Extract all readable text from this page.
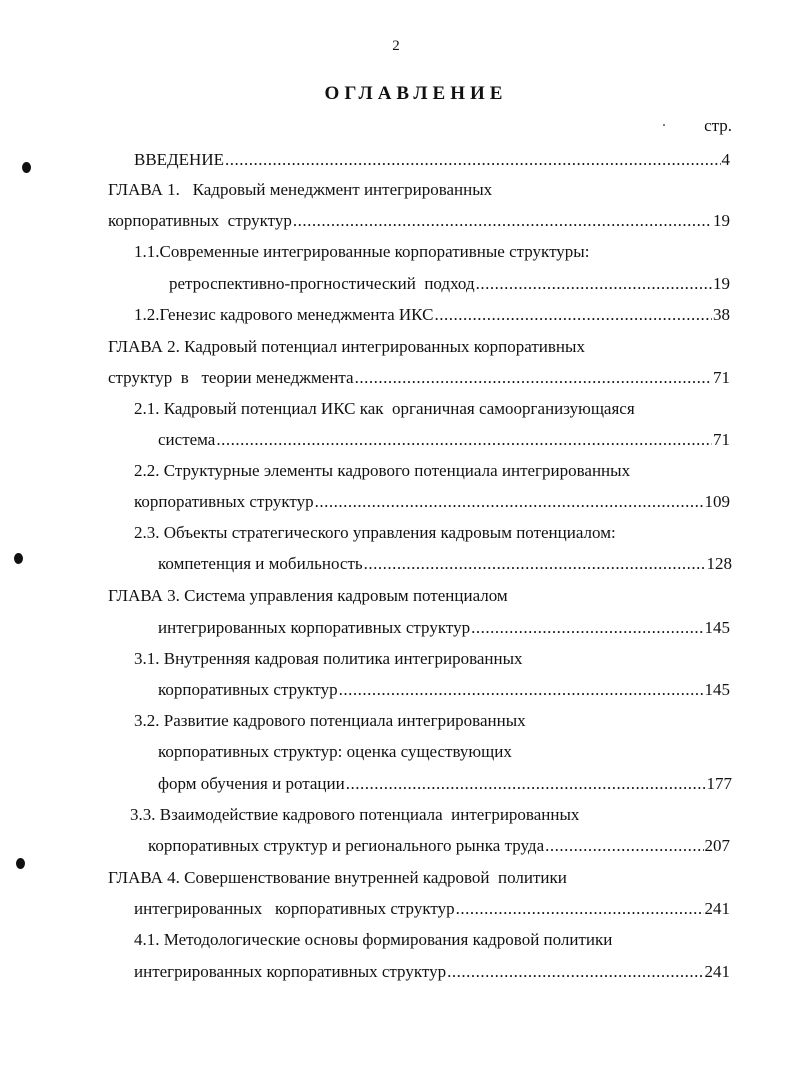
2
ОГЛАВЛЕНИЕ
стр.
ВВЕДЕНИЕ .....	4
ГЛАВА 1.   Кадровый менеджмент интегрированных
корпоративных  структур .....	19
1.1.Современные интегрированные корпоративные структуры:
ретроспективно-прогностический  подход .....	19
1.2.Генезис кадрового менеджмента ИКС .....	38
ГЛАВА 2. Кадровый потенциал интегрированных корпоративных
структур  в   теории менеджмента .....	71
2.1. Кадровый потенциал ИКС как  органичная самоорганизующаяся
система .....	71
2.2. Структурные элементы кадрового потенциала интегрированных
корпоративных структур .....	109
2.3. Объекты стратегического управления кадровым потенциалом:
компетенция и мобильность .....	128
ГЛАВА 3. Система управления кадровым потенциалом
интегрированных корпоративных структур .....	145
3.1. Внутренняя кадровая политика интегрированных
корпоративных структур .....	145
3.2. Развитие кадрового потенциала интегрированных
корпоративных структур: оценка существующих
форм обучения и ротации .....	177
3.3. Взаимодействие кадрового потенциала  интегрированных
корпоративных структур и регионального рынка труда .....	207
ГЛАВА 4. Совершенствование внутренней кадровой  политики
интегрированных   корпоративных структур .....	241
4.1. Методологические основы формирования кадровой политики
интегрированных корпоративных структур .....	241
